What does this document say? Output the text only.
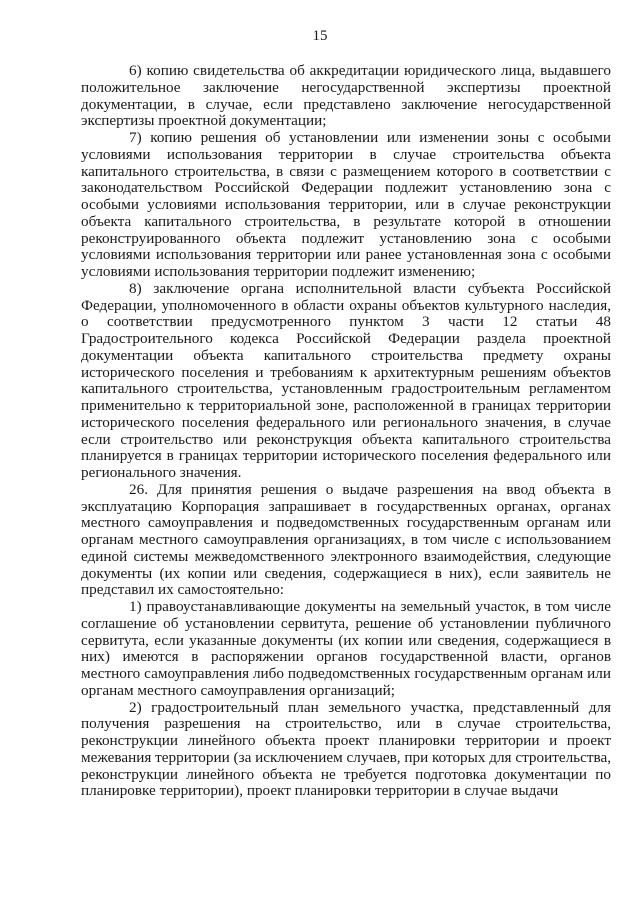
15

6) копию свидетельства об аккредитации юридического лица, выдавшего положительное заключение негосударственной экспертизы проектной документации, в случае, если представлено заключение негосударственной экспертизы проектной документации;

7) копию решения об установлении или изменении зоны с особыми условиями использования территории в случае строительства объекта капитального строительства, в связи с размещением которого в соответствии с законодательством Российской Федерации подлежит установлению зона с особыми условиями использования территории, или в случае реконструкции объекта капитального строительства, в результате которой в отношении реконструированного объекта подлежит установлению зона с особыми условиями использования территории или ранее установленная зона с особыми условиями использования территории подлежит изменению;

8) заключение органа исполнительной власти субъекта Российской Федерации, уполномоченного в области охраны объектов культурного наследия, о соответствии предусмотренного пунктом 3 части 12 статьи 48 Градостроительного кодекса Российской Федерации раздела проектной документации объекта капитального строительства предмету охраны исторического поселения и требованиям к архитектурным решениям объектов капитального строительства, установленным градостроительным регламентом применительно к территориальной зоне, расположенной в границах территории исторического поселения федерального или регионального значения, в случае если строительство или реконструкция объекта капитального строительства планируется в границах территории исторического поселения федерального или регионального значения.

26. Для принятия решения о выдаче разрешения на ввод объекта в эксплуатацию Корпорация запрашивает в государственных органах, органах местного самоуправления и подведомственных государственным органам или органам местного самоуправления организациях, в том числе с использованием единой системы межведомственного электронного взаимодействия, следующие документы (их копии или сведения, содержащиеся в них), если заявитель не представил их самостоятельно:

1) правоустанавливающие документы на земельный участок, в том числе соглашение об установлении сервитута, решение об установлении публичного сервитута, если указанные документы (их копии или сведения, содержащиеся в них) имеются в распоряжении органов государственной власти, органов местного самоуправления либо подведомственных государственным органам или органам местного самоуправления организаций;

2) градостроительный план земельного участка, представленный для получения разрешения на строительство, или в случае строительства, реконструкции линейного объекта проект планировки территории и проект межевания территории (за исключением случаев, при которых для строительства, реконструкции линейного объекта не требуется подготовка документации по планировке территории), проект планировки территории в случае выдачи
